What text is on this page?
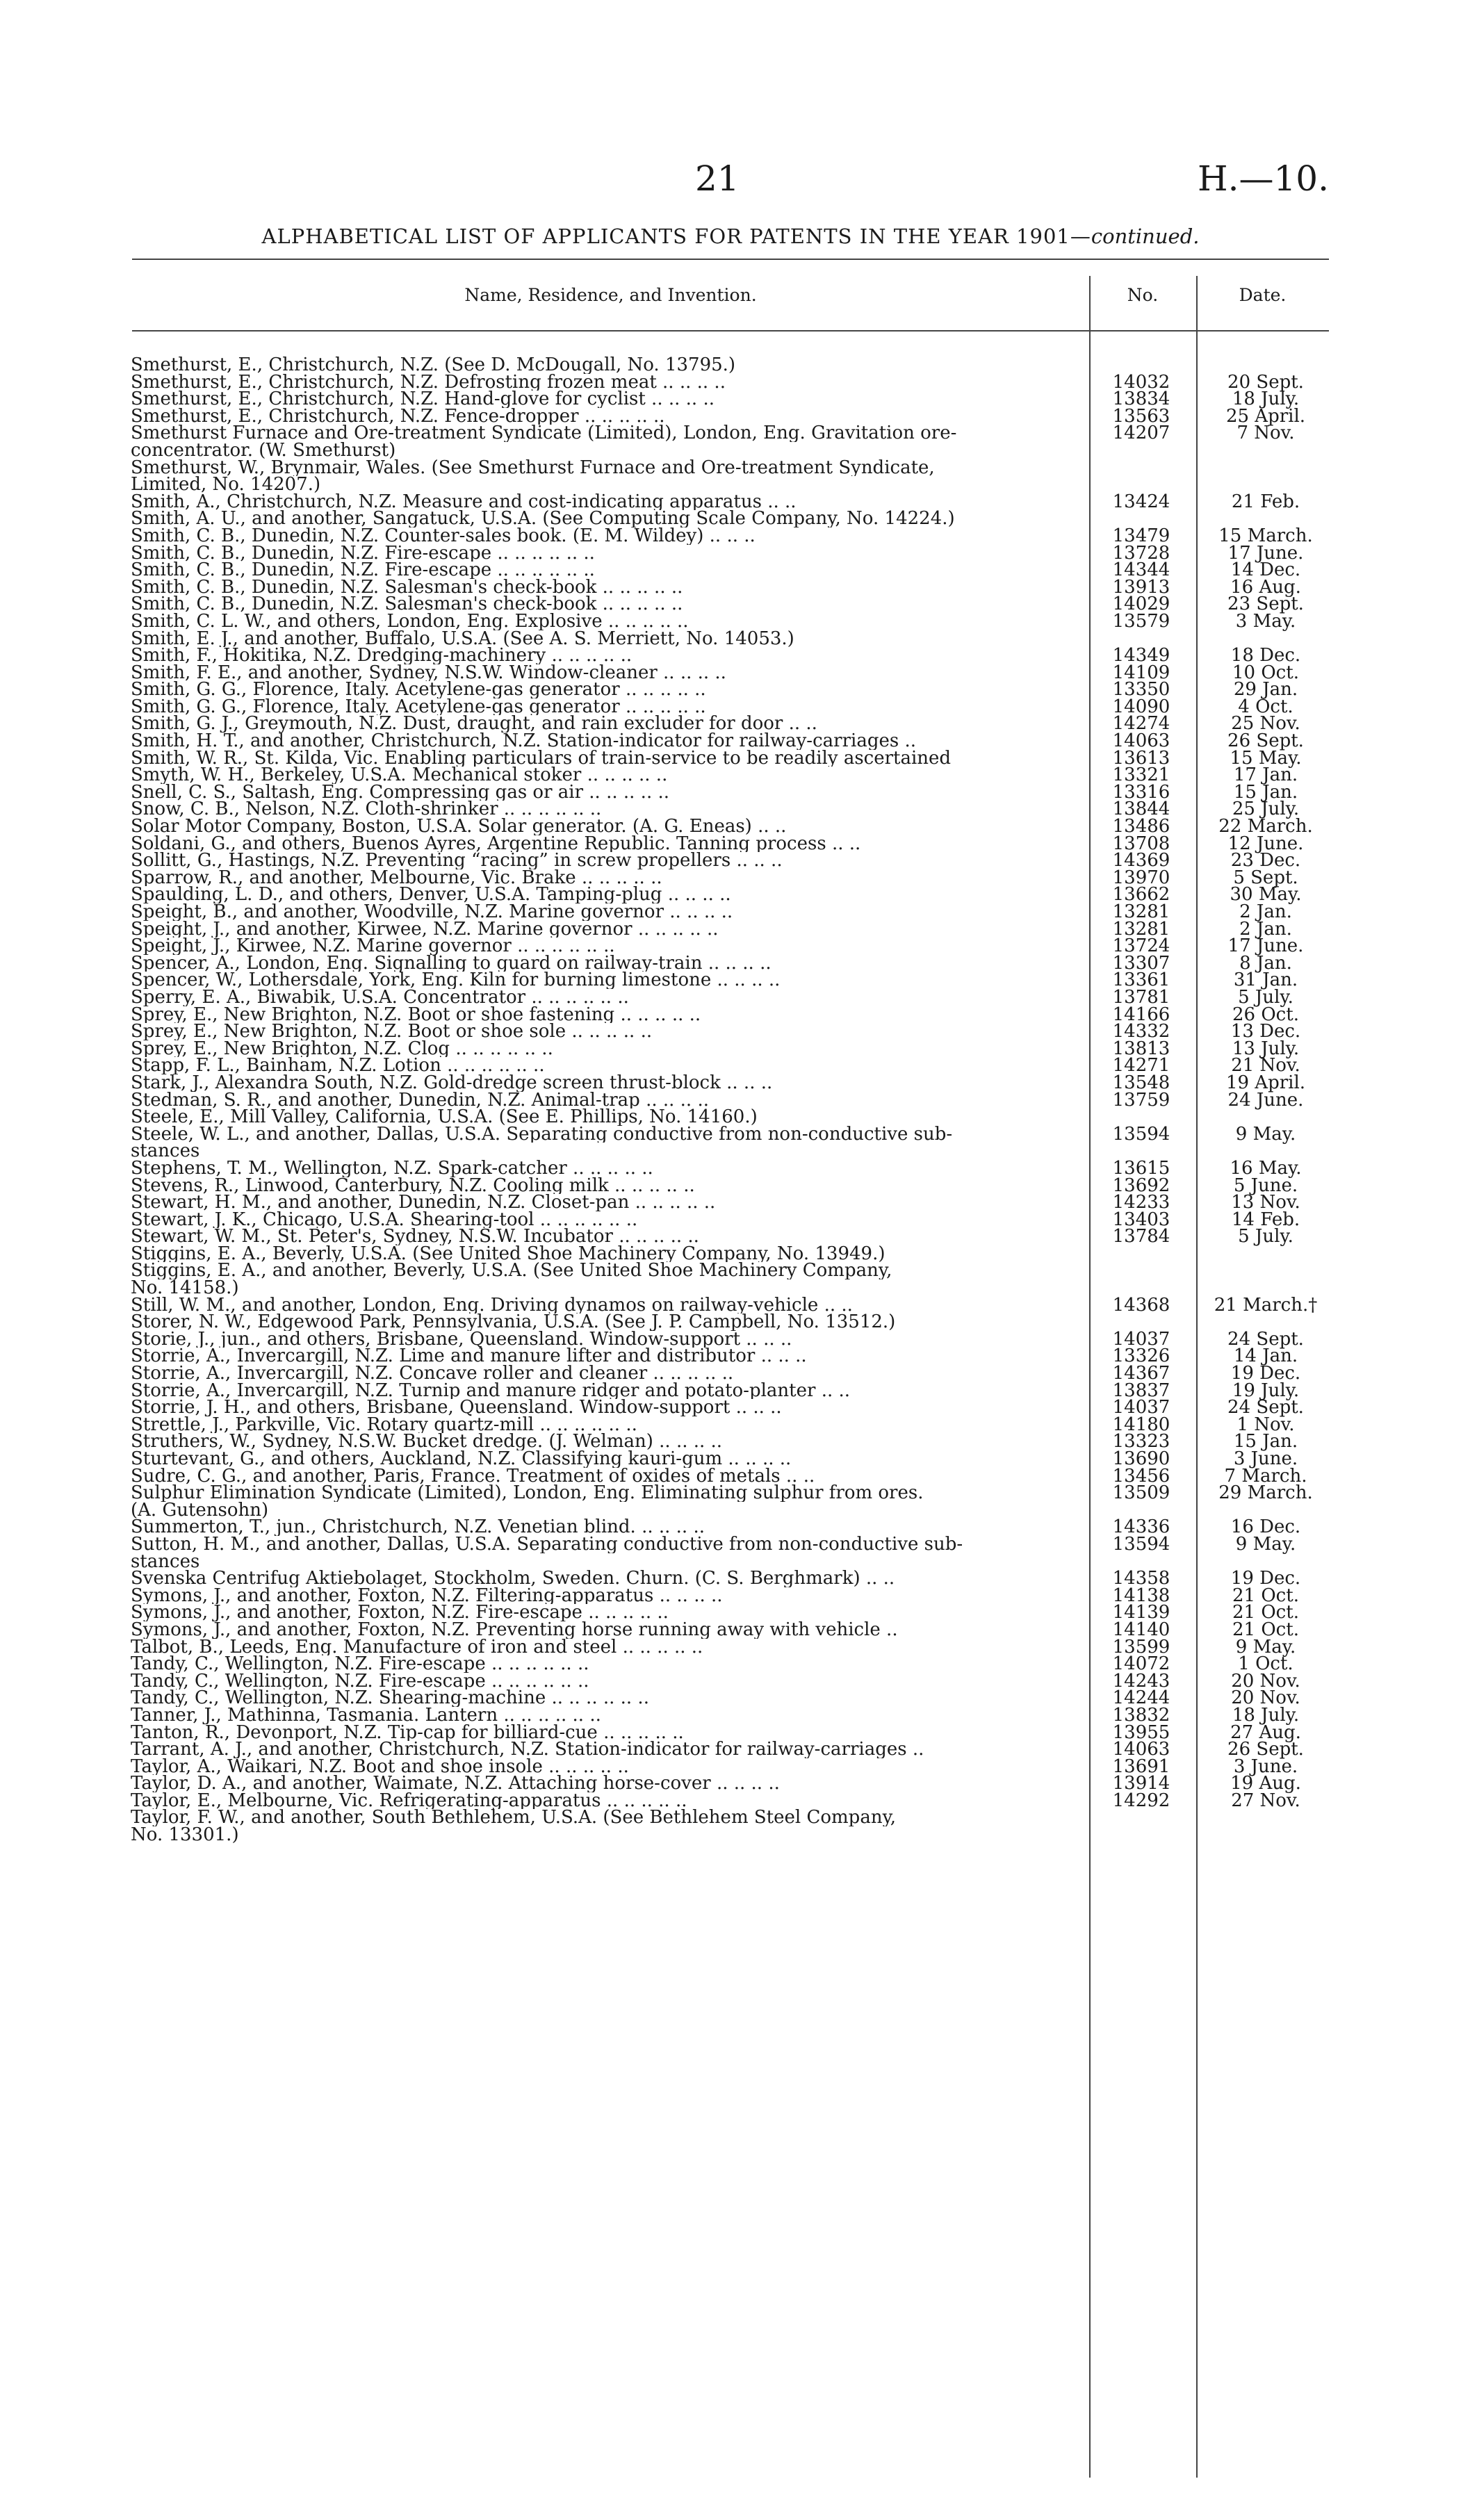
21	H.—10.
ALPHABETICAL LIST OF APPLICANTS FOR PATENTS IN THE YEAR 1901—continued.
Name, Residence, and Invention.	No.	Date.
Smethurst, E., Christchurch, N.Z. (See D. McDougall, No. 13795.)
Smethurst, E., Christchurch, N.Z. Defrosting frozen meat .. .. .. ..	14032	20 Sept.
Smethurst, E., Christchurch, N.Z. Hand-glove for cyclist .. .. .. ..	13834	18 July.
Smethurst, E., Christchurch, N.Z. Fence-dropper .. .. .. .. ..	13563	25 April.
Smethurst Furnace and Ore-treatment Syndicate (Limited), London, Eng. Gravitation ore-	14207	7 Nov.
concentrator. (W. Smethurst)
Smethurst, W., Brynmair, Wales. (See Smethurst Furnace and Ore-treatment Syndicate,
Limited, No. 14207.)
Smith, A., Christchurch, N.Z. Measure and cost-indicating apparatus .. ..	13424	21 Feb.
Smith, A. U., and another, Sangatuck, U.S.A. (See Computing Scale Company, No. 14224.)
Smith, C. B., Dunedin, N.Z. Counter-sales book. (E. M. Wildey) .. .. ..	13479	15 March.
Smith, C. B., Dunedin, N.Z. Fire-escape .. .. .. .. .. ..	13728	17 June.
Smith, C. B., Dunedin, N.Z. Fire-escape .. .. .. .. .. ..	14344	14 Dec.
Smith, C. B., Dunedin, N.Z. Salesman's check-book .. .. .. .. ..	13913	16 Aug.
Smith, C. B., Dunedin, N.Z. Salesman's check-book .. .. .. .. ..	14029	23 Sept.
Smith, C. L. W., and others, London, Eng. Explosive .. .. .. .. ..	13579	3 May.
Smith, E. J., and another, Buffalo, U.S.A. (See A. S. Merriett, No. 14053.)
Smith, F., Hokitika, N.Z. Dredging-machinery .. .. .. .. ..	14349	18 Dec.
Smith, F. E., and another, Sydney, N.S.W. Window-cleaner .. .. .. ..	14109	10 Oct.
Smith, G. G., Florence, Italy. Acetylene-gas generator .. .. .. .. ..	13350	29 Jan.
Smith, G. G., Florence, Italy. Acetylene-gas generator .. .. .. .. ..	14090	4 Oct.
Smith, G. J., Greymouth, N.Z. Dust, draught, and rain excluder for door .. ..	14274	25 Nov.
Smith, H. T., and another, Christchurch, N.Z. Station-indicator for railway-carriages ..	14063	26 Sept.
Smith, W. R., St. Kilda, Vic. Enabling particulars of train-service to be readily ascertained	13613	15 May.
Smyth, W. H., Berkeley, U.S.A. Mechanical stoker .. .. .. .. ..	13321	17 Jan.
Snell, C. S., Saltash, Eng. Compressing gas or air .. .. .. .. ..	13316	15 Jan.
Snow, C. B., Nelson, N.Z. Cloth-shrinker .. .. .. .. .. ..	13844	25 July.
Solar Motor Company, Boston, U.S.A. Solar generator. (A. G. Eneas) .. ..	13486	22 March.
Soldani, G., and others, Buenos Ayres, Argentine Republic. Tanning process .. ..	13708	12 June.
Sollitt, G., Hastings, N.Z. Preventing “racing” in screw propellers .. .. ..	14369	23 Dec.
Sparrow, R., and another, Melbourne, Vic. Brake .. .. .. .. ..	13970	5 Sept.
Spaulding, L. D., and others, Denver, U.S.A. Tamping-plug .. .. .. ..	13662	30 May.
Speight, B., and another, Woodville, N.Z. Marine governor .. .. .. ..	13281	2 Jan.
Speight, J., and another, Kirwee, N.Z. Marine governor .. .. .. .. ..	13281	2 Jan.
Speight, J., Kirwee, N.Z. Marine governor .. .. .. .. .. ..	13724	17 June.
Spencer, A., London, Eng. Signalling to guard on railway-train .. .. .. ..	13307	8 Jan.
Spencer, W., Lothersdale, York, Eng. Kiln for burning limestone .. .. .. ..	13361	31 Jan.
Sperry, E. A., Biwabik, U.S.A. Concentrator .. .. .. .. .. ..	13781	5 July.
Sprey, E., New Brighton, N.Z. Boot or shoe fastening .. .. .. .. ..	14166	26 Oct.
Sprey, E., New Brighton, N.Z. Boot or shoe sole .. .. .. .. ..	14332	13 Dec.
Sprey, E., New Brighton, N.Z. Clog .. .. .. .. .. ..	13813	13 July.
Stapp, F. L., Bainham, N.Z. Lotion .. .. .. .. .. ..	14271	21 Nov.
Stark, J., Alexandra South, N.Z. Gold-dredge screen thrust-block .. .. ..	13548	19 April.
Stedman, S. R., and another, Dunedin, N.Z. Animal-trap .. .. .. ..	13759	24 June.
Steele, E., Mill Valley, California, U.S.A. (See E. Phillips, No. 14160.)
Steele, W. L., and another, Dallas, U.S.A. Separating conductive from non-conductive sub-	13594	9 May.
stances
Stephens, T. M., Wellington, N.Z. Spark-catcher .. .. .. .. ..	13615	16 May.
Stevens, R., Linwood, Canterbury, N.Z. Cooling milk .. .. .. .. ..	13692	5 June.
Stewart, H. M., and another, Dunedin, N.Z. Closet-pan .. .. .. .. ..	14233	13 Nov.
Stewart, J. K., Chicago, U.S.A. Shearing-tool .. .. .. .. .. ..	13403	14 Feb.
Stewart, W. M., St. Peter's, Sydney, N.S.W. Incubator .. .. .. .. ..	13784	5 July.
Stiggins, E. A., Beverly, U.S.A. (See United Shoe Machinery Company, No. 13949.)
Stiggins, E. A., and another, Beverly, U.S.A. (See United Shoe Machinery Company,
No. 14158.)
Still, W. M., and another, London, Eng. Driving dynamos on railway-vehicle .. ..	14368	21 March.†
Storer, N. W., Edgewood Park, Pennsylvania, U.S.A. (See J. P. Campbell, No. 13512.)
Storie, J., jun., and others, Brisbane, Queensland. Window-support .. .. ..	14037	24 Sept.
Storrie, A., Invercargill, N.Z. Lime and manure lifter and distributor .. .. ..	13326	14 Jan.
Storrie, A., Invercargill, N.Z. Concave roller and cleaner .. .. .. .. ..	14367	19 Dec.
Storrie, A., Invercargill, N.Z. Turnip and manure ridger and potato-planter .. ..	13837	19 July.
Storrie, J. H., and others, Brisbane, Queensland. Window-support .. .. ..	14037	24 Sept.
Strettle, J., Parkville, Vic. Rotary quartz-mill .. .. .. .. .. ..	14180	1 Nov.
Struthers, W., Sydney, N.S.W. Bucket dredge. (J. Welman) .. .. .. ..	13323	15 Jan.
Sturtevant, G., and others, Auckland, N.Z. Classifying kauri-gum .. .. .. ..	13690	3 June.
Sudre, C. G., and another, Paris, France. Treatment of oxides of metals .. ..	13456	7 March.
Sulphur Elimination Syndicate (Limited), London, Eng. Eliminating sulphur from ores.	13509	29 March.
(A. Gutensohn)
Summerton, T., jun., Christchurch, N.Z. Venetian blind. .. .. .. ..	14336	16 Dec.
Sutton, H. M., and another, Dallas, U.S.A. Separating conductive from non-conductive sub-	13594	9 May.
stances
Svenska Centrifug Aktiebolaget, Stockholm, Sweden. Churn. (C. S. Berghmark) .. ..	14358	19 Dec.
Symons, J., and another, Foxton, N.Z. Filtering-apparatus .. .. .. ..	14138	21 Oct.
Symons, J., and another, Foxton, N.Z. Fire-escape .. .. .. .. ..	14139	21 Oct.
Symons, J., and another, Foxton, N.Z. Preventing horse running away with vehicle ..	14140	21 Oct.
Talbot, B., Leeds, Eng. Manufacture of iron and steel .. .. .. .. ..	13599	9 May.
Tandy, C., Wellington, N.Z. Fire-escape .. .. .. .. .. ..	14072	1 Oct.
Tandy, C., Wellington, N.Z. Fire-escape .. .. .. .. .. ..	14243	20 Nov.
Tandy, C., Wellington, N.Z. Shearing-machine .. .. .. .. .. ..	14244	20 Nov.
Tanner, J., Mathinna, Tasmania. Lantern .. .. .. .. .. ..	13832	18 July.
Tanton, R., Devonport, N.Z. Tip-cap for billiard-cue .. .. .. .. ..	13955	27 Aug.
Tarrant, A. J., and another, Christchurch, N.Z. Station-indicator for railway-carriages ..	14063	26 Sept.
Taylor, A., Waikari, N.Z. Boot and shoe insole .. .. .. .. ..	13691	3 June.
Taylor, D. A., and another, Waimate, N.Z. Attaching horse-cover .. .. .. ..	13914	19 Aug.
Taylor, E., Melbourne, Vic. Refrigerating-apparatus .. .. .. .. ..	14292	27 Nov.
Taylor, F. W., and another, South Bethlehem, U.S.A. (See Bethlehem Steel Company,
No. 13301.)
